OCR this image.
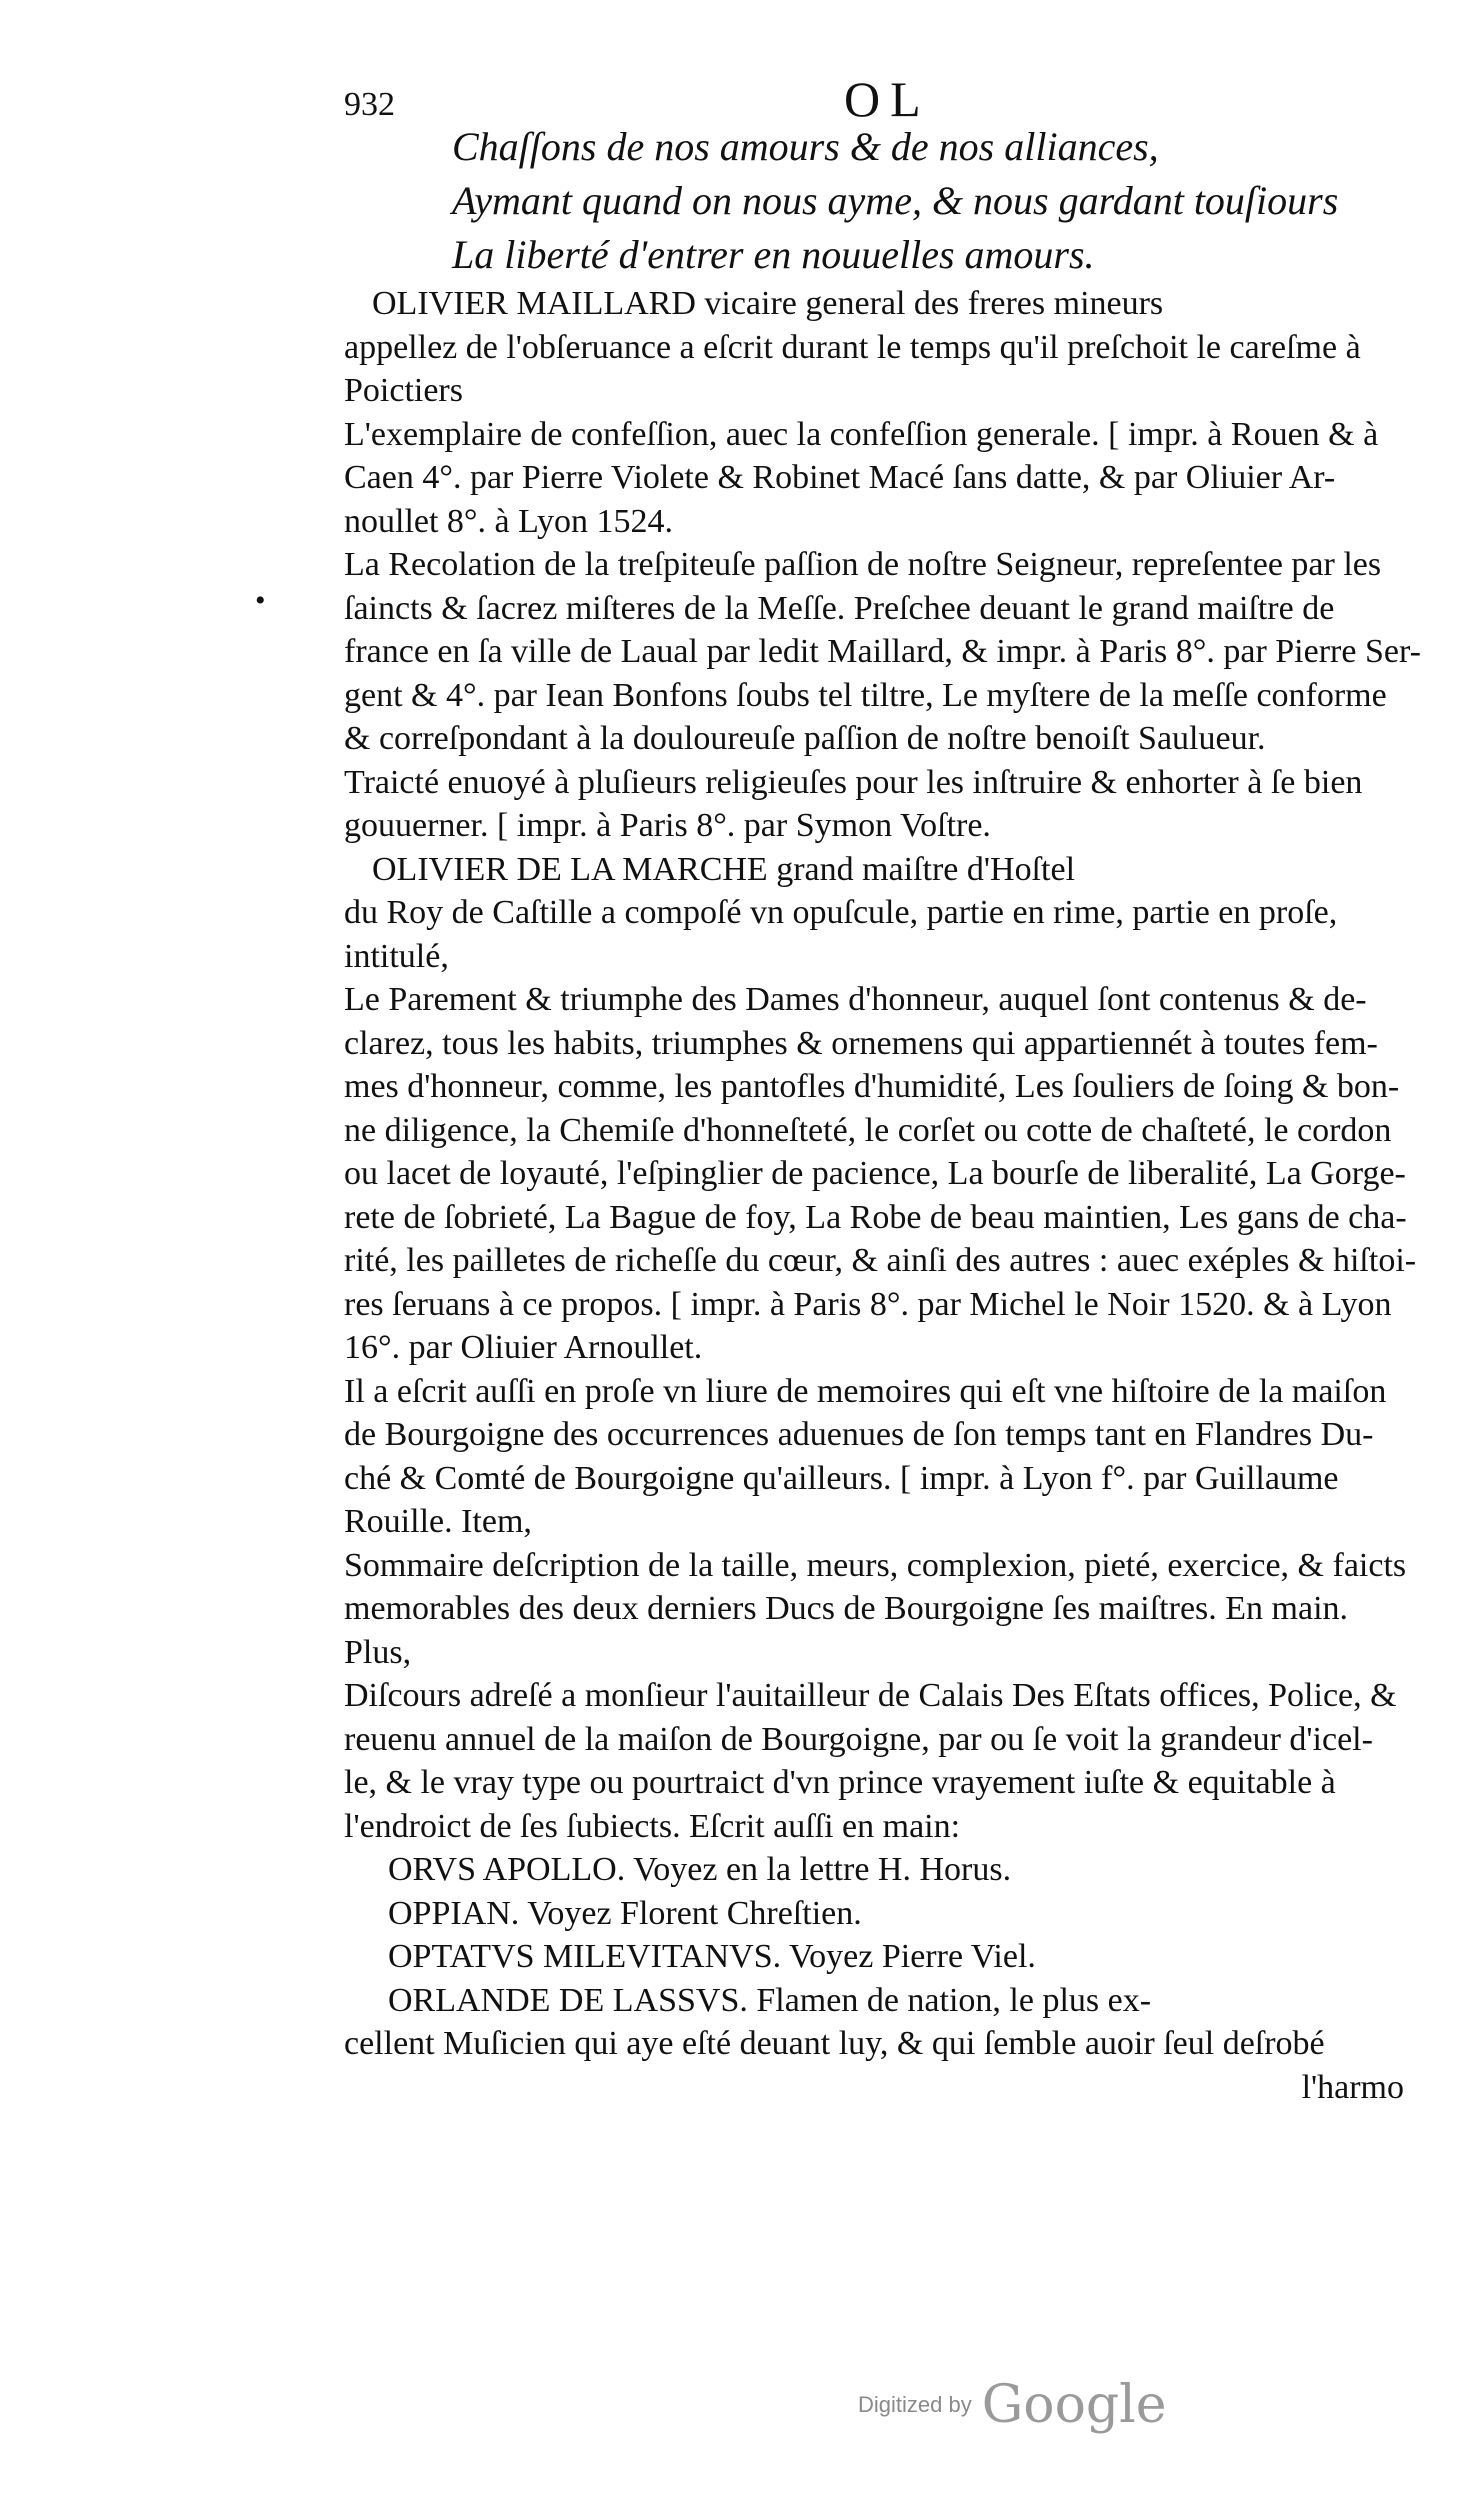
932	OL
Chaſſons de nos amours & de nos alliances,
Aymant quand on nous ayme, & nous gardant touſiours
La liberté d'entrer en nouuelles amours.
•
OLIVIER MAILLARD vicaire general des freres mineurs
appellez de l'obſeruance a eſcrit durant le temps qu'il preſchoit le careſme à
Poictiers
L'exemplaire de confeſſion, auec la confeſſion generale. [ impr. à Rouen & à
Caen 4°. par Pierre Violete & Robinet Macé ſans datte, & par Oliuier Ar-
noullet 8°. à Lyon 1524.
La Recolation de la treſpiteuſe paſſion de noſtre Seigneur, repreſentee par les
ſaincts & ſacrez miſteres de la Meſſe. Preſchee deuant le grand maiſtre de
france en ſa ville de Laual par ledit Maillard, & impr. à Paris 8°. par Pierre Ser-
gent & 4°. par Iean Bonfons ſoubs tel tiltre, Le myſtere de la meſſe conforme
& correſpondant à la douloureuſe paſſion de noſtre benoiſt Saulueur.
Traicté enuoyé à pluſieurs religieuſes pour les inſtruire & enhorter à ſe bien
gouuerner. [ impr. à Paris 8°. par Symon Voſtre.
OLIVIER DE LA MARCHE grand maiſtre d'Hoſtel
du Roy de Caſtille a compoſé vn opuſcule, partie en rime, partie en proſe,
intitulé,
Le Parement & triumphe des Dames d'honneur, auquel ſont contenus & de-
clarez, tous les habits, triumphes & ornemens qui appartiennét à toutes fem-
mes d'honneur, comme, les pantofles d'humidité, Les ſouliers de ſoing & bon-
ne diligence, la Chemiſe d'honneſteté, le corſet ou cotte de chaſteté, le cordon
ou lacet de loyauté, l'eſpinglier de pacience, La bourſe de liberalité, La Gorge-
rete de ſobrieté, La Bague de foy, La Robe de beau maintien, Les gans de cha-
rité, les pailletes de richeſſe du cœur, & ainſi des autres : auec exéples & hiſtoi-
res ſeruans à ce propos. [ impr. à Paris 8°. par Michel le Noir 1520. & à Lyon
16°. par Oliuier Arnoullet.
Il a eſcrit auſſi en proſe vn liure de memoires qui eſt vne hiſtoire de la maiſon
de Bourgoigne des occurrences aduenues de ſon temps tant en Flandres Du-
ché & Comté de Bourgoigne qu'ailleurs. [ impr. à Lyon f°. par Guillaume
Rouille. Item,
Sommaire deſcription de la taille, meurs, complexion, pieté, exercice, & faicts
memorables des deux derniers Ducs de Bourgoigne ſes maiſtres. En main.
Plus,
Diſcours adreſé a monſieur l'auitailleur de Calais Des Eſtats offices, Police, &
reuenu annuel de la maiſon de Bourgoigne, par ou ſe voit la grandeur d'icel-
le, & le vray type ou pourtraict d'vn prince vrayement iuſte & equitable à
l'endroict de ſes ſubiects. Eſcrit auſſi en main:
ORVS APOLLO. Voyez en la lettre H. Horus.
OPPIAN. Voyez Florent Chreſtien.
OPTATVS MILEVITANVS. Voyez Pierre Viel.
ORLANDE DE LASSVS. Flamen de nation, le plus ex-
cellent Muſicien qui aye eſté deuant luy, & qui ſemble auoir ſeul deſrobé
l'harmo
Digitized by Google
